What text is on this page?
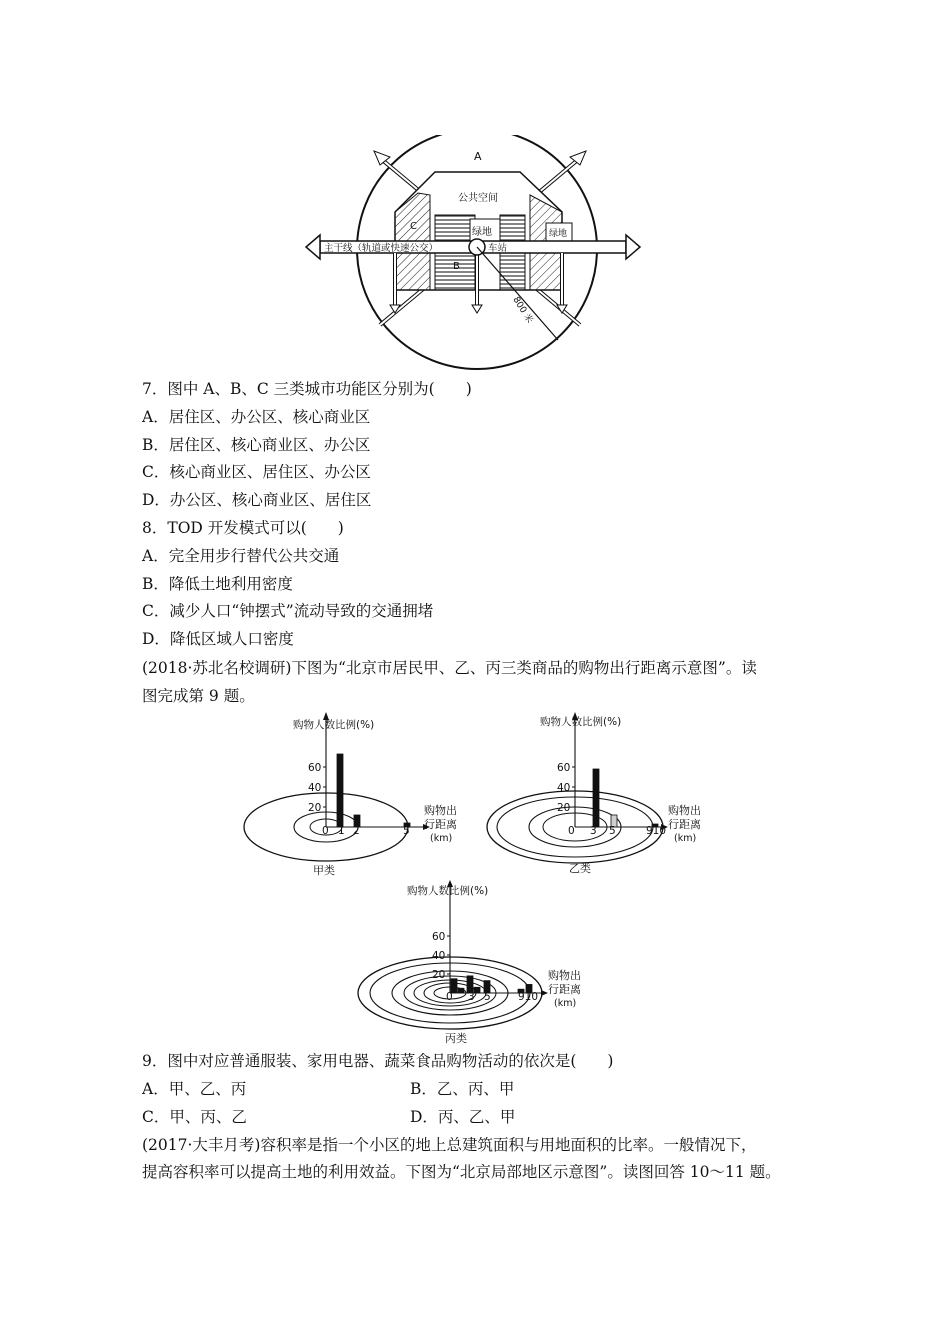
A
公共空间
C
绿地	绿地
主干线（轨道或快速公交）	车站
B
800 米
7．图中 A、B、C 三类城市功能区分别为(　　)
A．居住区、办公区、核心商业区
B．居住区、核心商业区、办公区
C．核心商业区、居住区、办公区
D．办公区、核心商业区、居住区
8．TOD 开发模式可以(　　)
A．完全用步行替代公共交通
B．降低土地利用密度
C．减少人口“钟摆式”流动导致的交通拥堵
D．降低区域人口密度
(2018·苏北名校调研)下图为“北京市居民甲、乙、丙三类商品的购物出行距离示意图”。读
图完成第 9 题。
20
40
60
购物人数比例(%)
购物出
行距离
(km)
0 1 2	5
甲类
20
40
60
购物人数比例(%)
购物出
行距离
(km)
0 3 5	910
乙类
20
40
60
购物人数比例(%)
购物出
行距离
(km)
0 3 5	910
丙类
9．图中对应普通服装、家用电器、蔬菜食品购物活动的依次是(　　)
A．甲、乙、丙	B．乙、丙、甲
C．甲、丙、乙	D．丙、乙、甲
(2017·大丰月考)容积率是指一个小区的地上总建筑面积与用地面积的比率。一般情况下，
提高容积率可以提高土地的利用效益。下图为“北京局部地区示意图”。读图回答 10～11 题。
